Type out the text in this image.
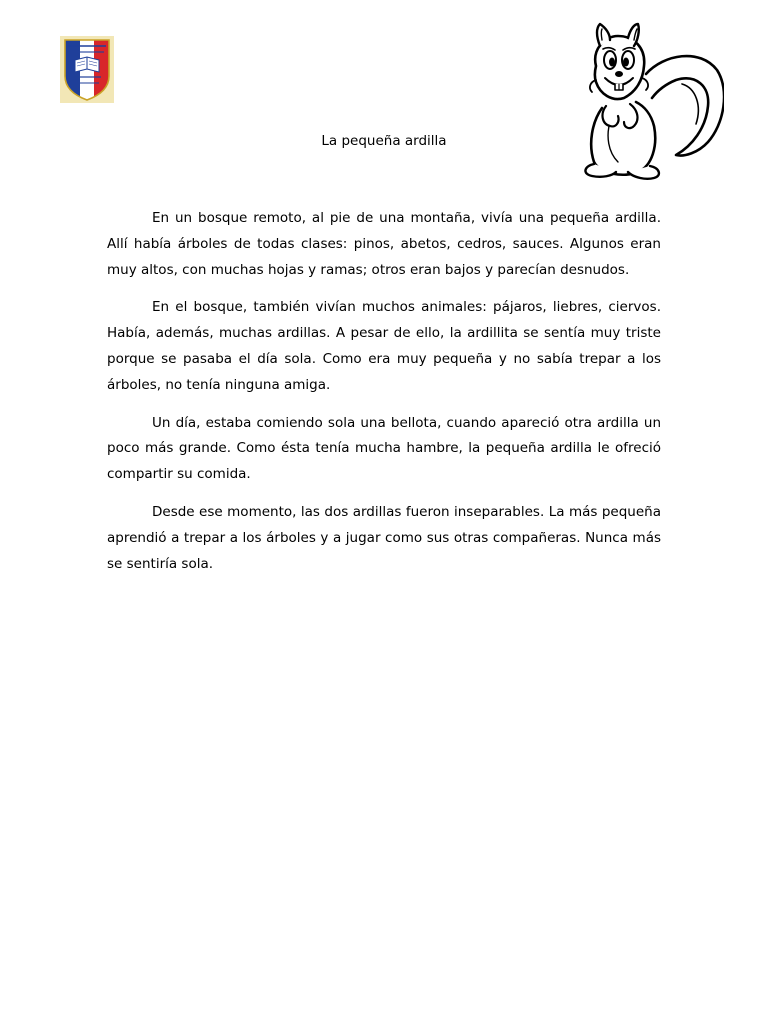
La pequeña ardilla

En un bosque remoto, al pie de una montaña, vivía una pequeña ardilla. Allí había árboles de todas clases: pinos, abetos, cedros, sauces. Algunos eran muy altos, con muchas hojas y ramas; otros eran bajos y parecían desnudos.

En el bosque, también vivían muchos animales: pájaros, liebres, ciervos. Había, además, muchas ardillas. A pesar de ello, la ardillita se sentía muy triste porque se pasaba el día sola. Como era muy pequeña y no sabía trepar a los árboles, no tenía ninguna amiga.

Un día, estaba comiendo sola una bellota, cuando apareció otra ardilla un poco más grande. Como ésta tenía mucha hambre, la pequeña ardilla le ofreció compartir su comida.

Desde ese momento, las dos ardillas fueron inseparables. La más pequeña aprendió a trepar a los árboles y a jugar como sus otras compañeras. Nunca más se sentiría sola.
